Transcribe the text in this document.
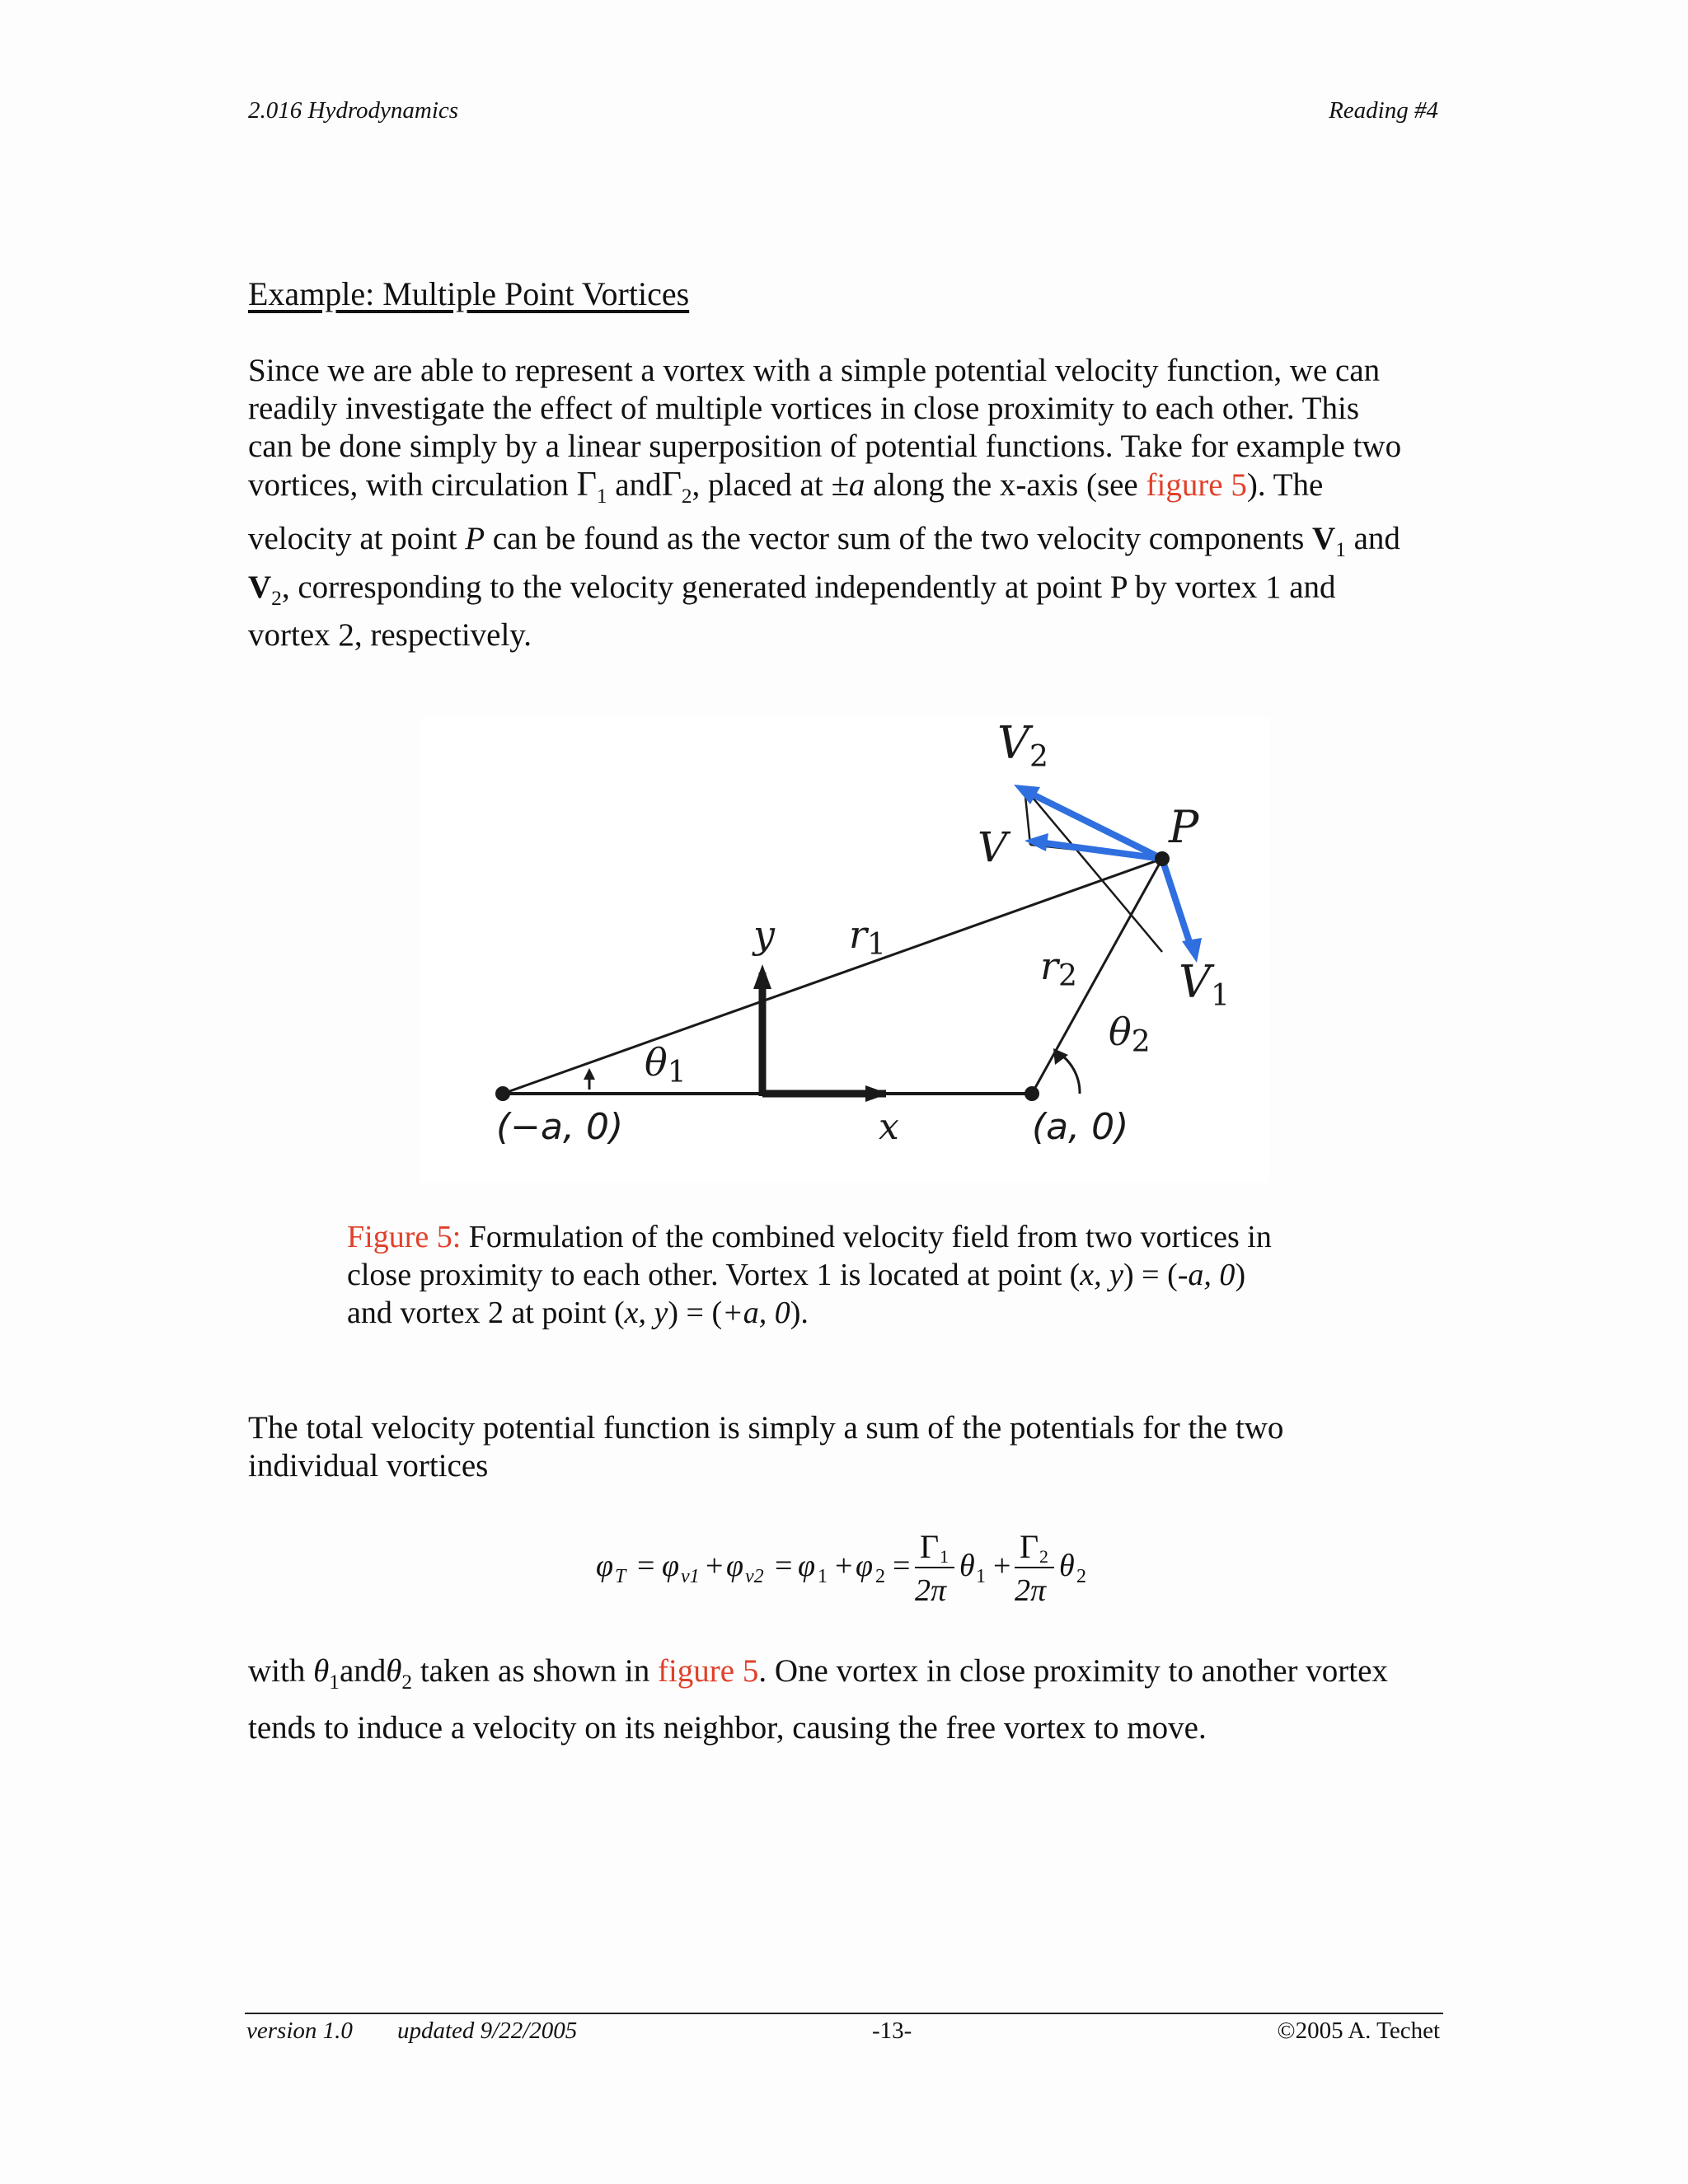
2.016 Hydrodynamics	Reading #4
Example: Multiple Point Vortices
Since we are able to represent a vortex with a simple potential velocity function, we can
readily investigate the effect of multiple vortices in close proximity to each other. This
can be done simply by a linear superposition of potential functions. Take for example two
vortices, with circulation $\Gamma_1$ andΓ$_2$, placed at ±a along the x-axis (see figure 5). The
velocity at point P can be found as the vector sum of the two velocity components $V_1$ and
$V_2$, corresponding to the velocity generated independently at point P by vortex 1 and
vortex 2, respectively.
V2
V	P
y r1	r2 V1
θ1
θ2
(−a, 0)	x	(a, 0)
Figure 5: Formulation of the combined velocity field from two vortices in
close proximity to each other. Vortex 1 is located at point (x, y) = (-a, 0)
and vortex 2 at point (x, y) = (+a, 0).
The total velocity potential function is simply a sum of the potentials for the two
individual vortices
φ T = φ v1 + φ v2 = φ 1 + φ 2 =
Γ 1
2π
θ 1 +
Γ 2
2π
θ 2
with $\theta_1and\theta_2$ taken as shown in figure 5. One vortex in close proximity to another vortex
tends to induce a velocity on its neighbor, causing the free vortex to move.
version 1.0 updated 9/22/2005	-13-	©2005 A. Techet
